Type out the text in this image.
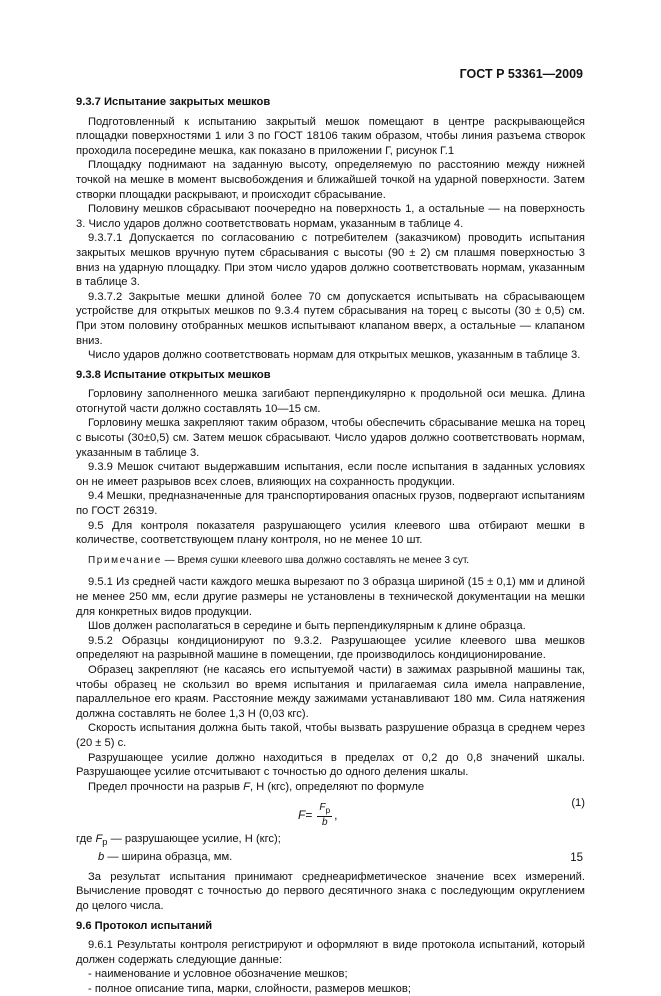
ГОСТ Р 53361—2009
9.3.7 Испытание закрытых мешков

Подготовленный к испытанию закрытый мешок помещают в центре раскрывающейся площадки поверхностями 1 или 3 по ГОСТ 18106 таким образом, чтобы линия разъема створок проходила посередине мешка, как показано в приложении Г, рисунок Г.1

Площадку поднимают на заданную высоту, определяемую по расстоянию между нижней точкой на мешке в момент высвобождения и ближайшей точкой на ударной поверхности. Затем створки площадки раскрывают, и происходит сбрасывание.

Половину мешков сбрасывают поочередно на поверхность 1, а остальные — на поверхность 3. Число ударов должно соответствовать нормам, указанным в таблице 4.

9.3.7.1 Допускается по согласованию с потребителем (заказчиком) проводить испытания закрытых мешков вручную путем сбрасывания с высоты (90 ± 2) см плашмя поверхностью 3 вниз на ударную площадку. При этом число ударов должно соответствовать нормам, указанным в таблице 3.

9.3.7.2 Закрытые мешки длиной более 70 см допускается испытывать на сбрасывающем устройстве для открытых мешков по 9.3.4 путем сбрасывания на торец с высоты (30 ± 0,5) см. При этом половину отобранных мешков испытывают клапаном вверх, а остальные — клапаном вниз.

Число ударов должно соответствовать нормам для открытых мешков, указанным в таблице 3.

9.3.8 Испытание открытых мешков

Горловину заполненного мешка загибают перпендикулярно к продольной оси мешка. Длина отогнутой части должно составлять 10—15 см.

Горловину мешка закрепляют таким образом, чтобы обеспечить сбрасывание мешка на торец с высоты (30±0,5) см. Затем мешок сбрасывают. Число ударов должно соответствовать нормам, указанным в таблице 3.

9.3.9 Мешок считают выдержавшим испытания, если после испытания в заданных условиях он не имеет разрывов всех слоев, влияющих на сохранность продукции.

9.4 Мешки, предназначенные для транспортирования опасных грузов, подвергают испытаниям по ГОСТ 26319.

9.5 Для контроля показателя разрушающего усилия клеевого шва отбирают мешки в количестве, соответствующем плану контроля, но не менее 10 шт.

Примечание — Время сушки клеевого шва должно составлять не менее 3 сут.

9.5.1 Из средней части каждого мешка вырезают по 3 образца шириной (15 ± 0,1) мм и длиной не менее 250 мм, если другие размеры не установлены в технической документации на мешки для конкретных видов продукции.

Шов должен располагаться в середине и быть перпендикулярным к длине образца.

9.5.2 Образцы кондиционируют по 9.3.2. Разрушающее усилие клеевого шва мешков определяют на разрывной машине в помещении, где производилось кондиционирование.

Образец закрепляют (не касаясь его испытуемой части) в зажимах разрывной машины так, чтобы образец не скользил во время испытания и прилагаемая сила имела направление, параллельное его краям. Расстояние между зажимами устанавливают 180 мм. Сила натяжения должна составлять не более 1,3 Н (0,03 кгс).

Скорость испытания должна быть такой, чтобы вызвать разрушение образца в среднем через (20 ± 5) с.

Разрушающее усилие должно находиться в пределах от 0,2 до 0,8 значений шкалы. Разрушающее усилие отсчитывают с точностью до одного деления шкалы.

Предел прочности на разрыв F, Н (кгс), определяют по формуле

$F = \frac{F_p}{b}$ ,
(1)

где $F_p$ — разрушающее усилие, Н (кгс);

b — ширина образца, мм.

За результат испытания принимают среднеарифметическое значение всех измерений. Вычисление проводят с точностью до первого десятичного знака с последующим округлением до целого числа.

9.6 Протокол испытаний

9.6.1 Результаты контроля регистрируют и оформляют в виде протокола испытаний, который должен содержать следующие данные:

- наименование и условное обозначение мешков;

- полное описание типа, марки, слойности, размеров мешков;

15
